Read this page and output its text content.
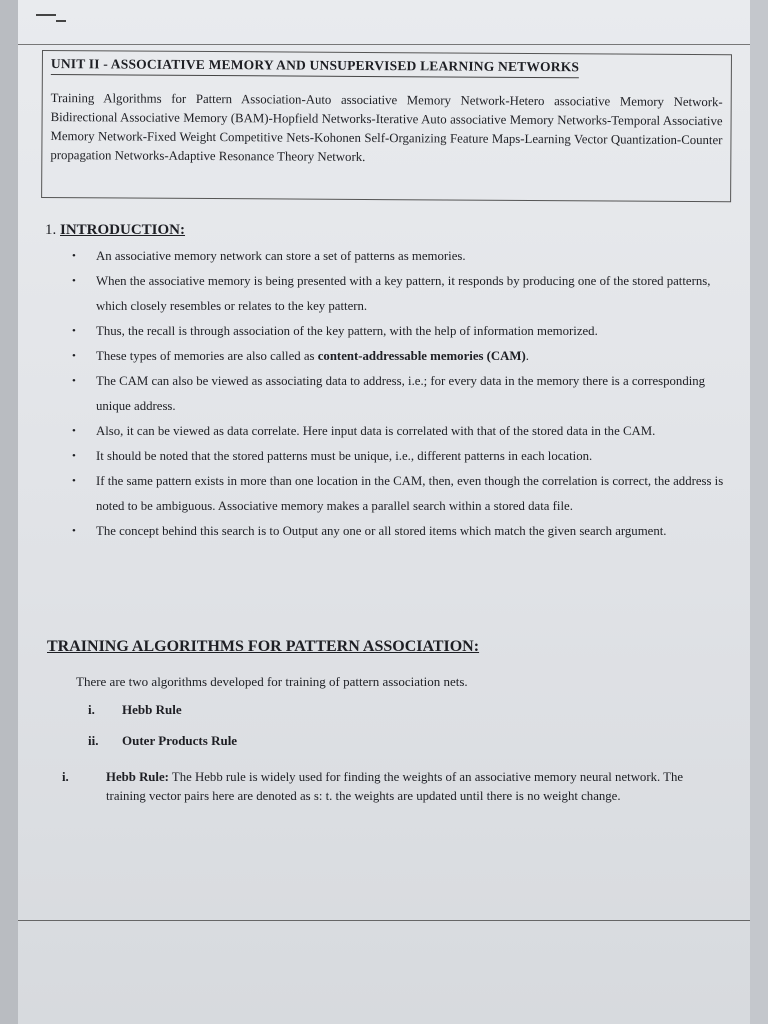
UNIT II - ASSOCIATIVE MEMORY AND UNSUPERVISED LEARNING NETWORKS

Training Algorithms for Pattern Association-Auto associative Memory Network-Hetero associative Memory Network-Bidirectional Associative Memory (BAM)-Hopfield Networks-Iterative Auto associative Memory Networks-Temporal Associative Memory Network-Fixed Weight Competitive Nets-Kohonen Self-Organizing Feature Maps-Learning Vector Quantization-Counter propagation Networks-Adaptive Resonance Theory Network.

1. INTRODUCTION:
• An associative memory network can store a set of patterns as memories.
• When the associative memory is being presented with a key pattern, it responds by producing one of the stored patterns, which closely resembles or relates to the key pattern.
• Thus, the recall is through association of the key pattern, with the help of information memorized.
• These types of memories are also called as content-addressable memories (CAM).
• The CAM can also be viewed as associating data to address, i.e.; for every data in the memory there is a corresponding unique address.
• Also, it can be viewed as data correlate. Here input data is correlated with that of the stored data in the CAM.
• It should be noted that the stored patterns must be unique, i.e., different patterns in each location.
• If the same pattern exists in more than one location in the CAM, then, even though the correlation is correct, the address is noted to be ambiguous. Associative memory makes a parallel search within a stored data file.
• The concept behind this search is to Output any one or all stored items which match the given search argument.
TRAINING ALGORITHMS FOR PATTERN ASSOCIATION:

There are two algorithms developed for training of pattern association nets.

i. Hebb Rule
ii. Outer Products Rule
i.	Hebb Rule: The Hebb rule is widely used for finding the weights of an associative memory neural network. The training vector pairs here are denoted as s: t. the weights are updated until there is no weight change.
